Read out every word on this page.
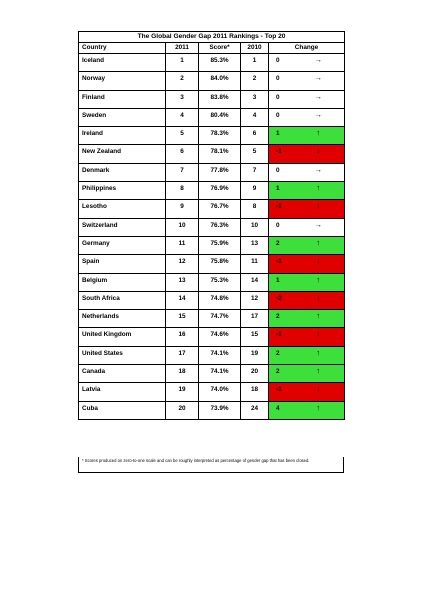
The Global Gender Gap 2011 Rankings - Top 20					
Country	2011	Score*	2010	Change	
Iceland	1	85.3%	1	0	→
Norway	2	84.0%	2	0	→
Finland	3	83.8%	3	0	→
Sweden	4	80.4%	4	0	→
Ireland	5	78.3%	6	1	↑
New Zealand	6	78.1%	5	-1	↓
Denmark	7	77.8%	7	0	→
Philippines	8	76.9%	9	1	↑
Lesotho	9	76.7%	8	-1	↓
Switzerland	10	76.3%	10	0	→
Germany	11	75.9%	13	2	↑
Spain	12	75.8%	11	-1	↓
Belgium	13	75.3%	14	1	↑
South Africa	14	74.8%	12	-2	↓
Netherlands	15	74.7%	17	2	↑
United Kingdom	16	74.6%	15	-1	↓
United States	17	74.1%	19	2	↑
Canada	18	74.1%	20	2	↑
Latvia	19	74.0%	18	-1	↓
Cuba	20	73.9%	24	4	↑
* Scores produced on zero-to-one scale and can be roughly interpreted as percentage of gender gap that has been closed.
